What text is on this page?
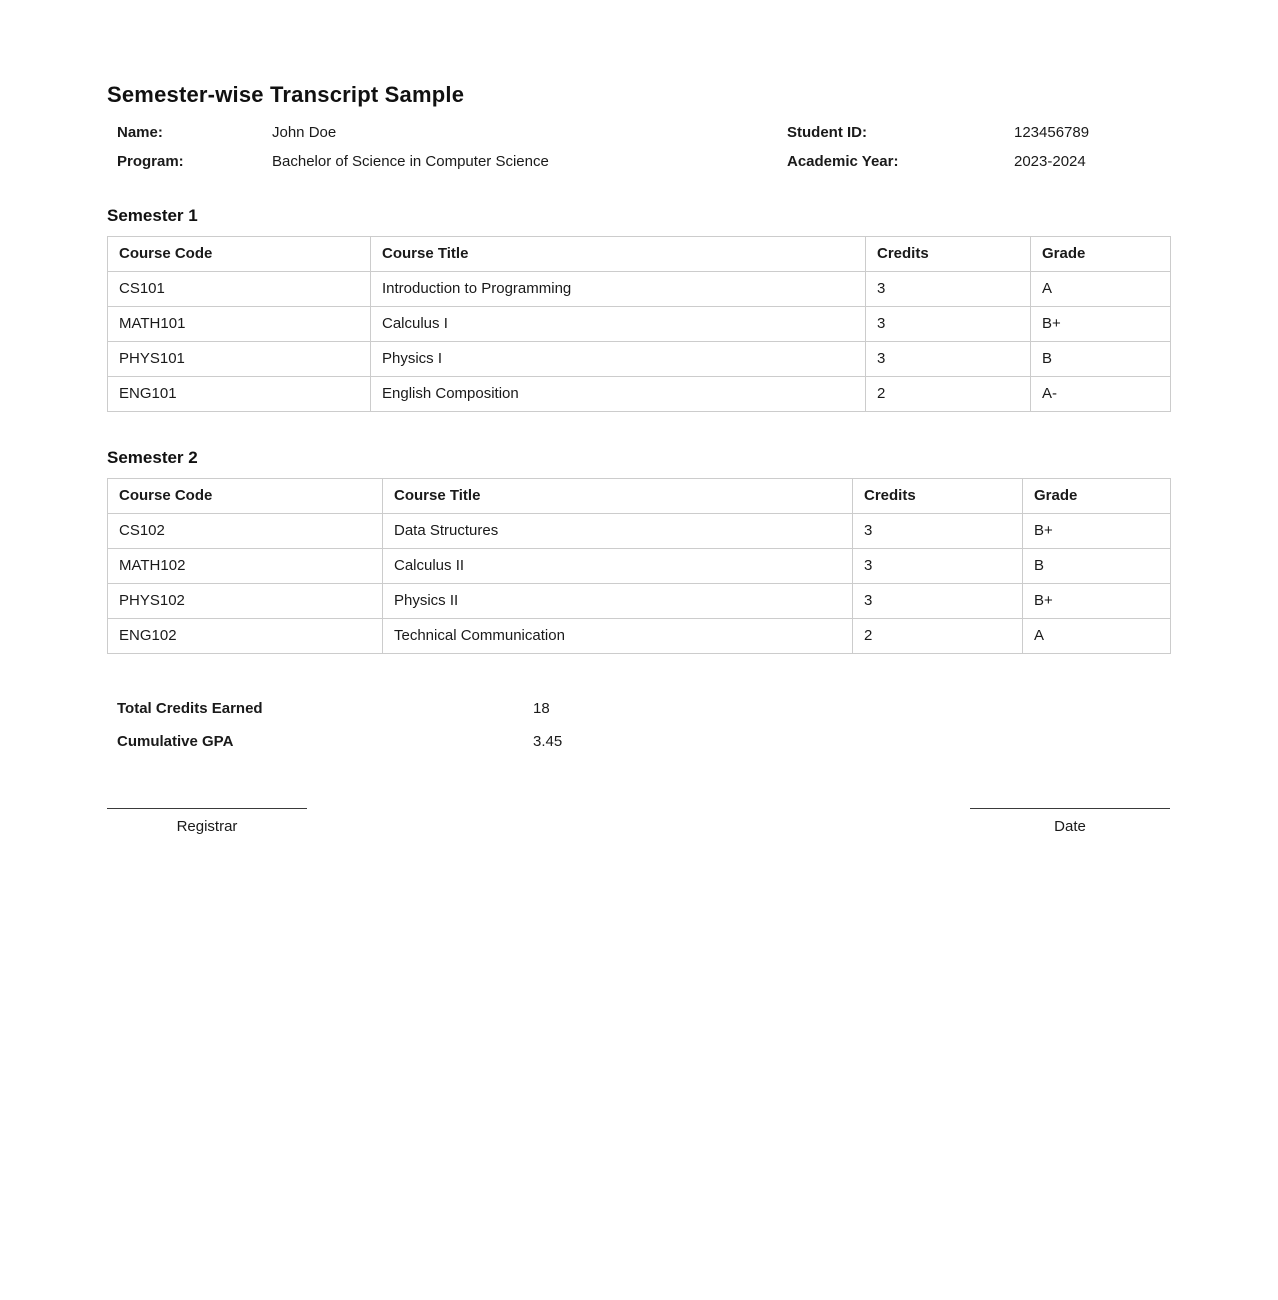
Semester-wise Transcript Sample
Name:	John Doe	Student ID:	123456789
Program:	Bachelor of Science in Computer Science	Academic Year:	2023-2024
Semester 1
Course Code	Course Title	Credits	Grade
CS101	Introduction to Programming	3	A
MATH101	Calculus I	3	B+
PHYS101	Physics I	3	B
ENG101	English Composition	2	A-
Semester 2
Course Code	Course Title	Credits	Grade
CS102	Data Structures	3	B+
MATH102	Calculus II	3	B
PHYS102	Physics II	3	B+
ENG102	Technical Communication	2	A
Total Credits Earned	18
Cumulative GPA	3.45
Registrar	Date
